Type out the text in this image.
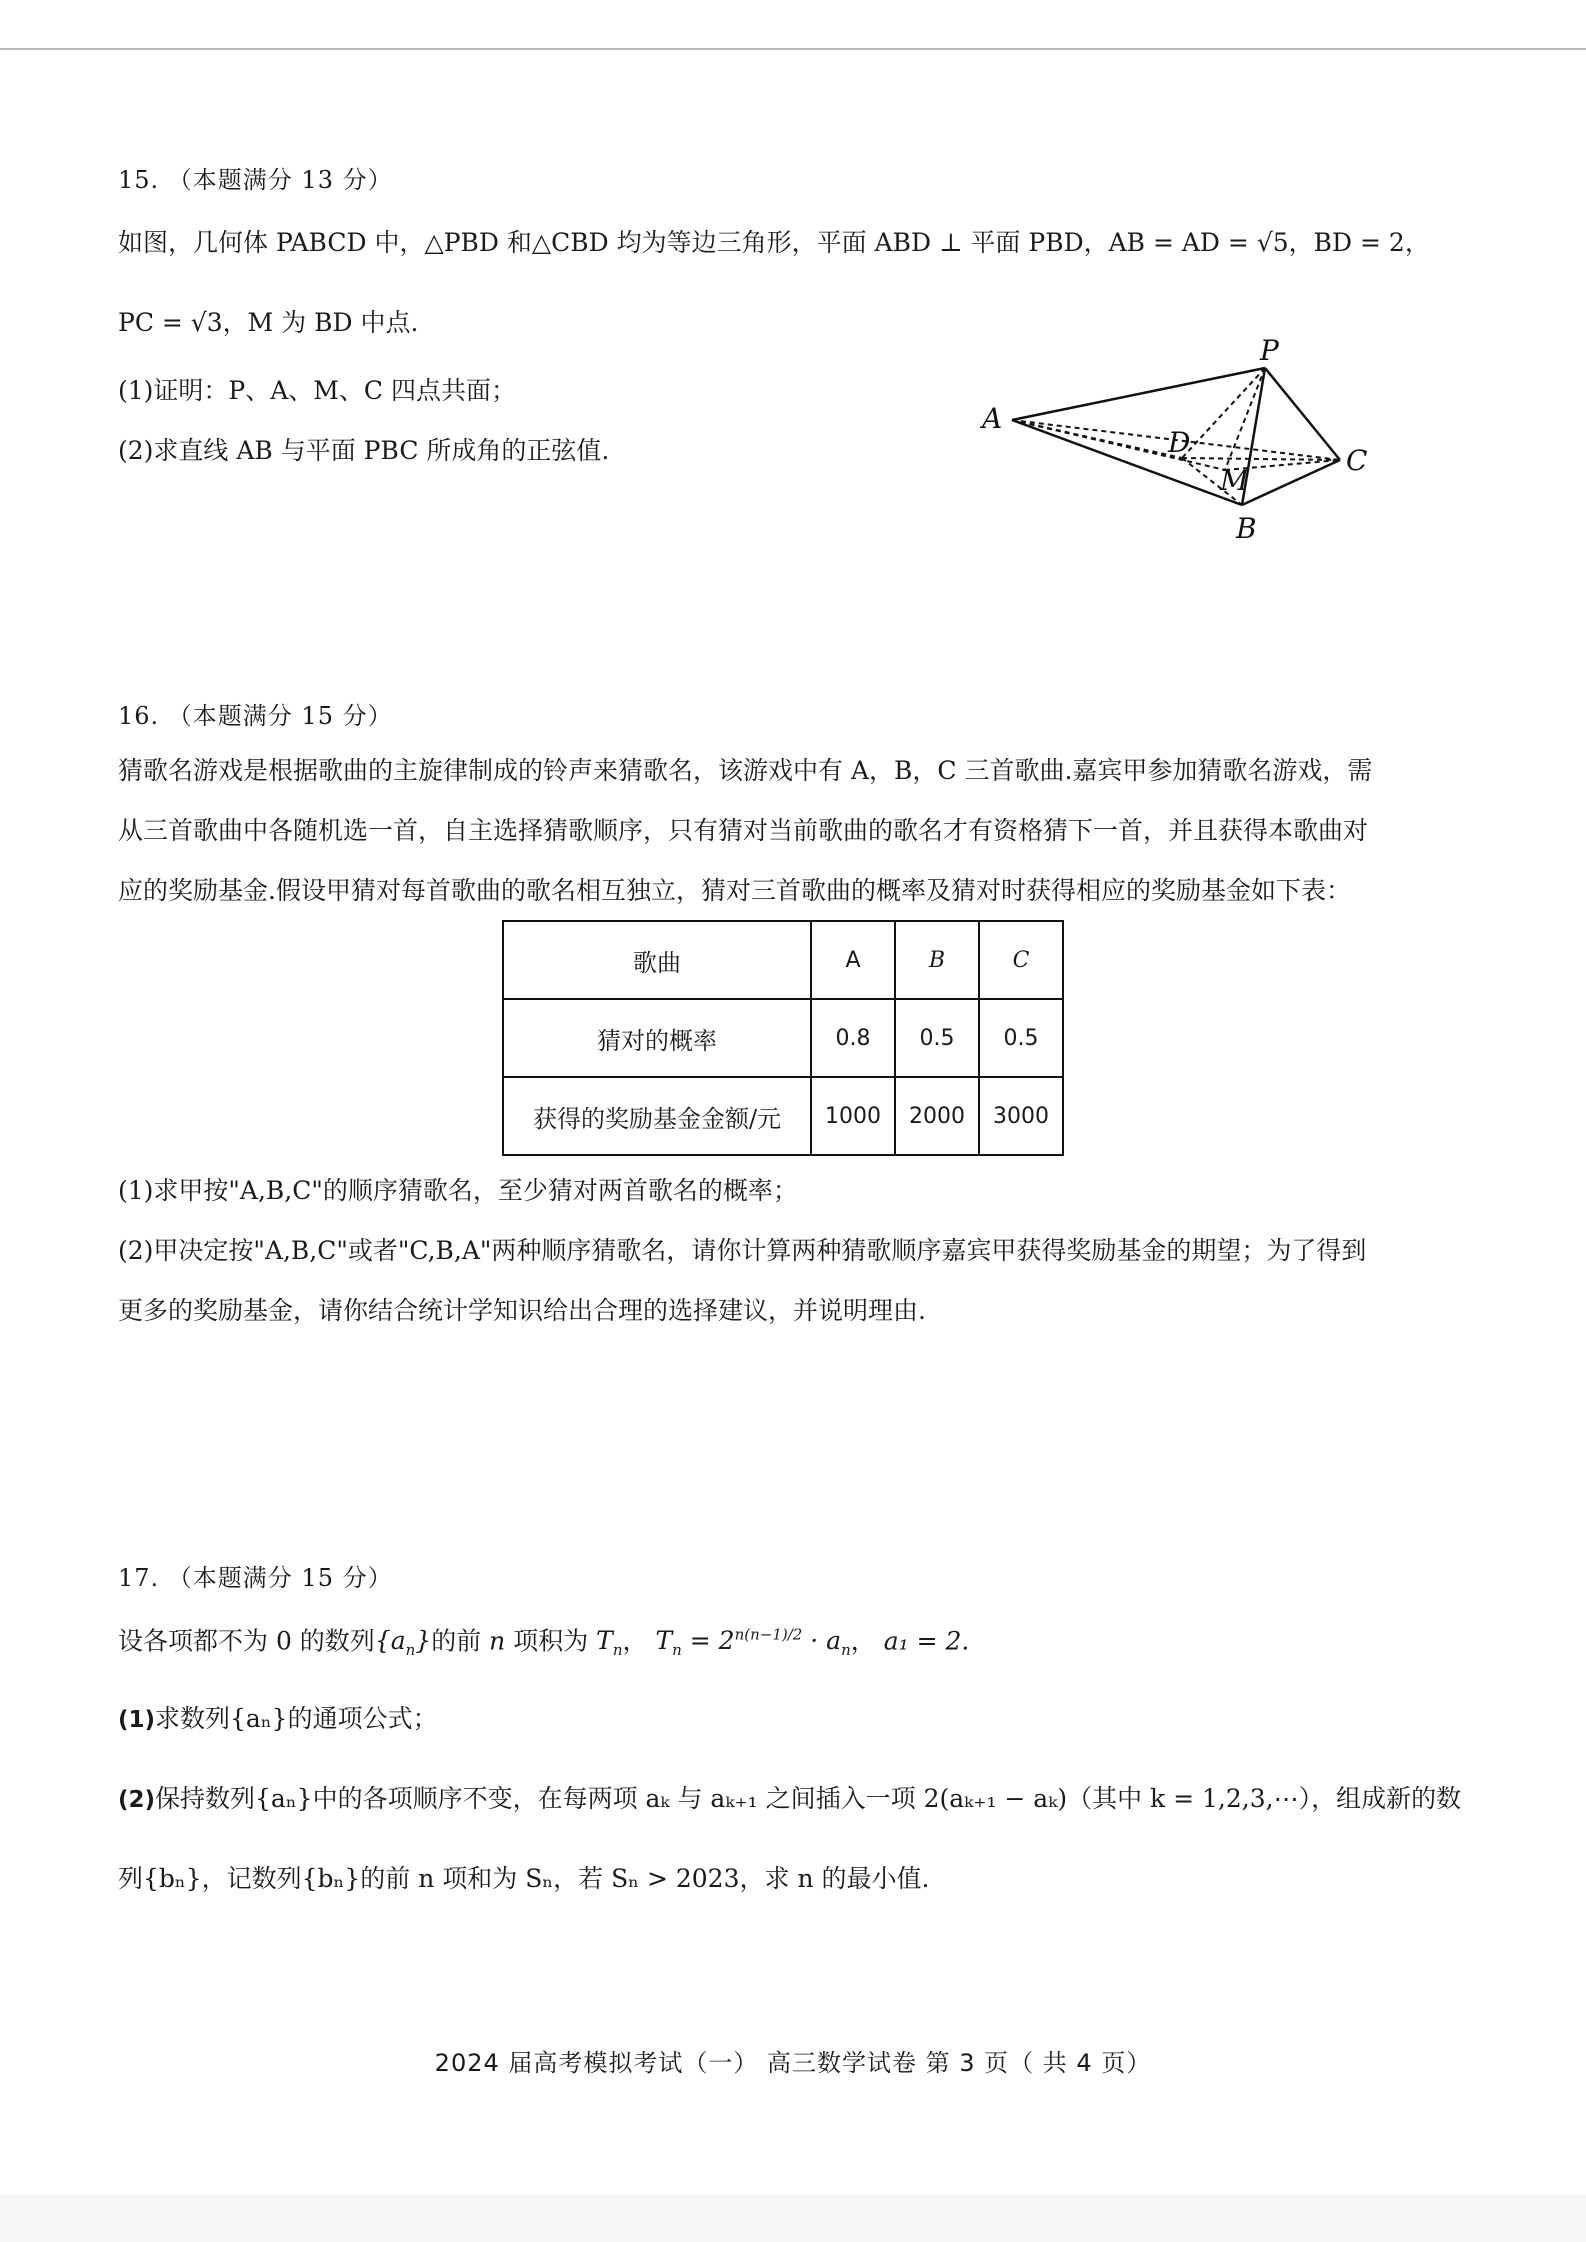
15. （本题满分 13 分）
如图，几何体 PABCD 中，△PBD 和△CBD 均为等边三角形，平面 ABD ⊥ 平面 PBD，AB = AD = √5，BD = 2，
PC = √3，M 为 BD 中点.
(1)证明：P、A、M、C 四点共面；
(2)求直线 AB 与平面 PBC 所成角的正弦值.
A
P
D
M
C
B
16. （本题满分 15 分）
猜歌名游戏是根据歌曲的主旋律制成的铃声来猜歌名，该游戏中有 A，B，C 三首歌曲.嘉宾甲参加猜歌名游戏，需
从三首歌曲中各随机选一首，自主选择猜歌顺序，只有猜对当前歌曲的歌名才有资格猜下一首，并且获得本歌曲对
应的奖励基金.假设甲猜对每首歌曲的歌名相互独立，猜对三首歌曲的概率及猜对时获得相应的奖励基金如下表：
歌曲	A	B	C
猜对的概率	0.8	0.5	0.5
获得的奖励基金金额/元	1000	2000	3000
(1)求甲按"A,B,C"的顺序猜歌名，至少猜对两首歌名的概率；
(2)甲决定按"A,B,C"或者"C,B,A"两种顺序猜歌名，请你计算两种猜歌顺序嘉宾甲获得奖励基金的期望；为了得到
更多的奖励基金，请你结合统计学知识给出合理的选择建议，并说明理由.
17. （本题满分 15 分）
设各项都不为 0 的数列$\{a_n\}$的前 n 项积为 $T_n$， $T_n = 2^{n(n-1)/2} \cdot a_n$， a₁ = 2.
(1)求数列{aₙ}的通项公式；
(2)保持数列{aₙ}中的各项顺序不变，在每两项 aₖ 与 aₖ₊₁ 之间插入一项 2(aₖ₊₁ − aₖ)（其中 k = 1,2,3,⋯），组成新的数
列{bₙ}，记数列{bₙ}的前 n 项和为 Sₙ，若 Sₙ > 2023，求 n 的最小值.
2024 届高考模拟考试（一） 高三数学试卷 第 3 页（ 共 4 页）
